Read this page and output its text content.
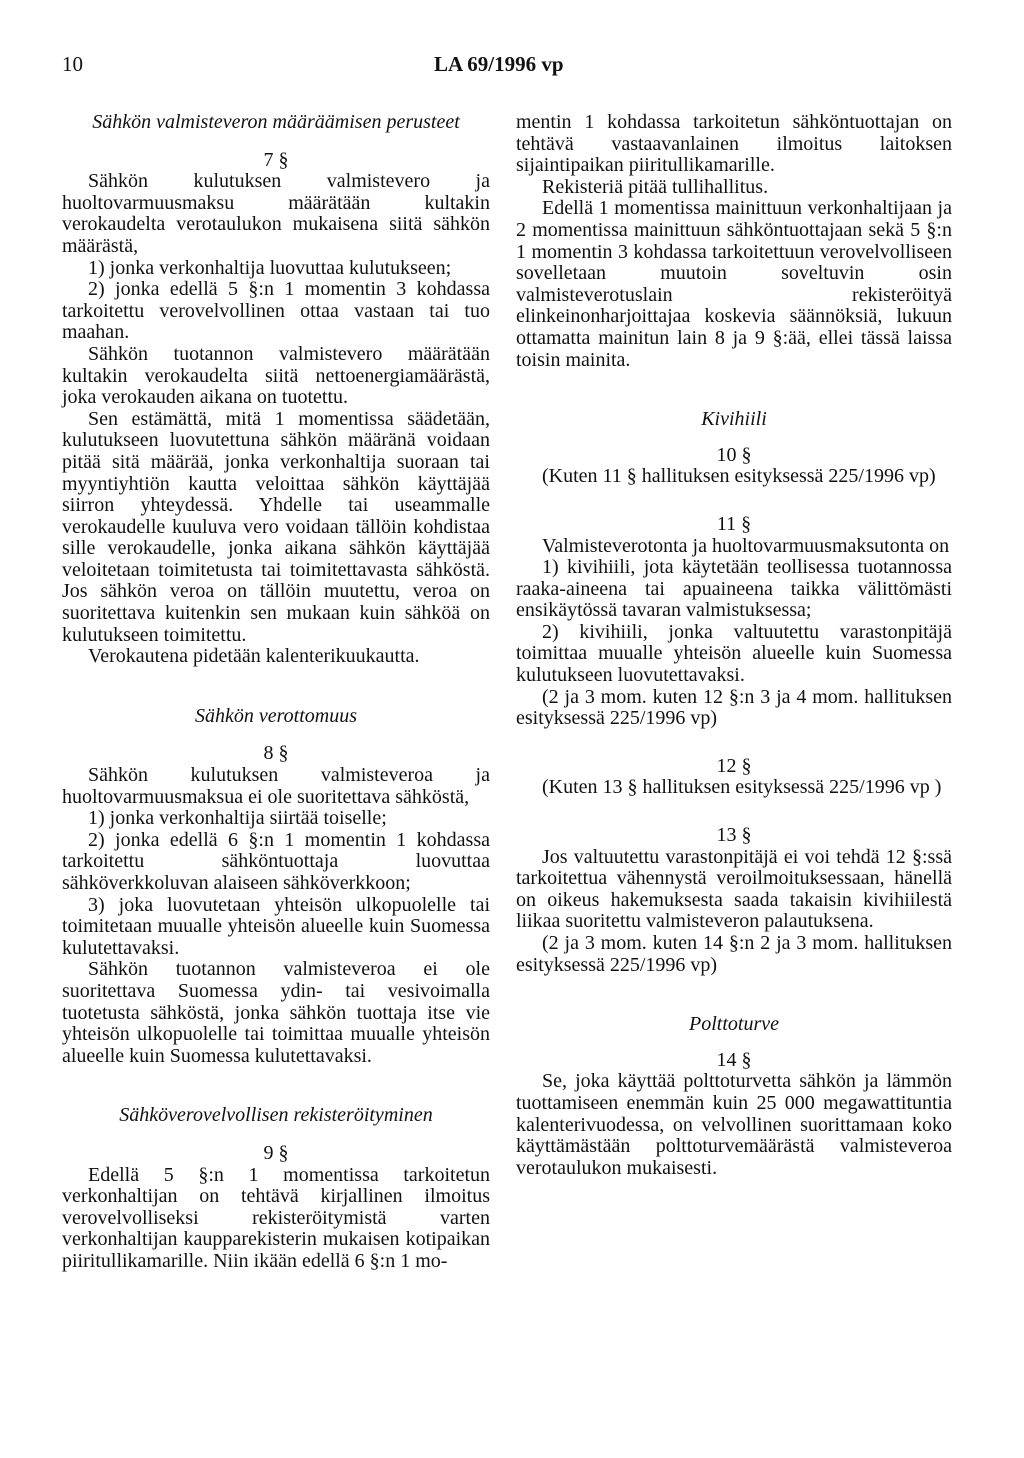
10	LA 69/1996 vp
Sähkön valmisteveron määräämisen perusteet
7 §

Sähkön kulutuksen valmistevero ja huoltovarmuusmaksu määrätään kultakin verokaudelta verotaulukon mukaisena siitä sähkön määrästä,

1) jonka verkonhaltija luovuttaa kulutukseen;

2) jonka edellä 5 §:n 1 momentin 3 kohdassa tarkoitettu verovelvollinen ottaa vastaan tai tuo maahan.

Sähkön tuotannon valmistevero määrätään kultakin verokaudelta siitä nettoenergiamäärästä, joka verokauden aikana on tuotettu.

Sen estämättä, mitä 1 momentissa säädetään, kulutukseen luovutettuna sähkön määränä voidaan pitää sitä määrää, jonka verkonhaltija suoraan tai myyntiyhtiön kautta veloittaa sähkön käyttäjää siirron yhteydessä. Yhdelle tai useammalle verokaudelle kuuluva vero voidaan tällöin kohdistaa sille verokaudelle, jonka aikana sähkön käyttäjää veloitetaan toimitetusta tai toimitettavasta sähköstä. Jos sähkön veroa on tällöin muutettu, veroa on suoritettava kuitenkin sen mukaan kuin sähköä on kulutukseen toimitettu.

Verokautena pidetään kalenterikuukautta.

Sähkön verottomuus
8 §

Sähkön kulutuksen valmisteveroa ja huoltovarmuusmaksua ei ole suoritettava sähköstä,

1) jonka verkonhaltija siirtää toiselle;

2) jonka edellä 6 §:n 1 momentin 1 kohdassa tarkoitettu sähköntuottaja luovuttaa sähköverkkoluvan alaiseen sähköverkkoon;

3) joka luovutetaan yhteisön ulkopuolelle tai toimitetaan muualle yhteisön alueelle kuin Suomessa kulutettavaksi.

Sähkön tuotannon valmisteveroa ei ole suoritettava Suomessa ydin- tai vesivoimalla tuotetusta sähköstä, jonka sähkön tuottaja itse vie yhteisön ulkopuolelle tai toimittaa muualle yhteisön alueelle kuin Suomessa kulutettavaksi.

Sähköverovelvollisen rekisteröityminen
9 §

Edellä 5 §:n 1 momentissa tarkoitetun verkonhaltijan on tehtävä kirjallinen ilmoitus verovelvolliseksi rekisteröitymistä varten verkonhaltijan kaupparekisterin mukaisen kotipaikan piiritullikamarille. Niin ikään edellä 6 §:n 1 mo-

mentin 1 kohdassa tarkoitetun sähköntuottajan on tehtävä vastaavanlainen ilmoitus laitoksen sijaintipaikan piiritullikamarille.

Rekisteriä pitää tullihallitus.

Edellä 1 momentissa mainittuun verkonhaltijaan ja 2 momentissa mainittuun sähköntuottajaan sekä 5 §:n 1 momentin 3 kohdassa tarkoitettuun verovelvolliseen sovelletaan muutoin soveltuvin osin valmisteverotuslain rekisteröityä elinkeinonharjoittajaa koskevia säännöksiä, lukuun ottamatta mainitun lain 8 ja 9 §:ää, ellei tässä laissa toisin mainita.

Kivihiili
10 §

(Kuten 11 § hallituksen esityksessä 225/1996 vp)

11 §

Valmisteverotonta ja huoltovarmuusmaksutonta on

1) kivihiili, jota käytetään teollisessa tuotannossa raaka-aineena tai apuaineena taikka välittömästi ensikäytössä tavaran valmistuksessa;

2) kivihiili, jonka valtuutettu varastonpitäjä toimittaa muualle yhteisön alueelle kuin Suomessa kulutukseen luovutettavaksi.

(2 ja 3 mom. kuten 12 §:n 3 ja 4 mom. hallituksen esityksessä 225/1996 vp)

12 §

(Kuten 13 § hallituksen esityksessä 225/1996 vp )

13 §

Jos valtuutettu varastonpitäjä ei voi tehdä 12 §:ssä tarkoitettua vähennystä veroilmoituksessaan, hänellä on oikeus hakemuksesta saada takaisin kivihiilestä liikaa suoritettu valmisteveron palautuksena.

(2 ja 3 mom. kuten 14 §:n 2 ja 3 mom. hallituksen esityksessä 225/1996 vp)

Polttoturve
14 §

Se, joka käyttää polttoturvetta sähkön ja lämmön tuottamiseen enemmän kuin 25 000 megawattituntia kalenterivuodessa, on velvollinen suorittamaan koko käyttämästään polttoturvemäärästä valmisteveroa verotaulukon mukaisesti.
